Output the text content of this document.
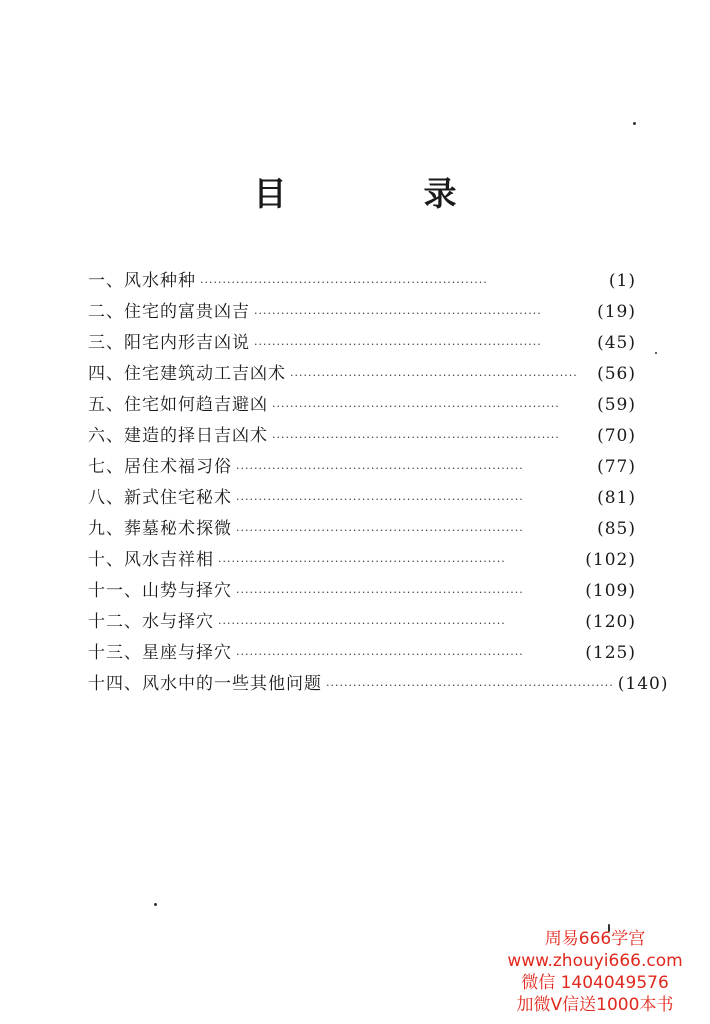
目　录
一、风水种种 ································································	(1)
二、住宅的富贵凶吉 ································································	(19)
三、阳宅内形吉凶说 ································································	(45)
四、住宅建筑动工吉凶术 ································································	(56)
五、住宅如何趋吉避凶 ································································	(59)
六、建造的择日吉凶术 ································································	(70)
七、居住术福习俗 ································································	(77)
八、新式住宅秘术 ································································	(81)
九、葬墓秘术探微 ································································	(85)
十、风水吉祥相 ································································	(102)
十一、山势与择穴 ································································	(109)
十二、水与择穴 ································································	(120)
十三、星座与择穴 ································································	(125)
十四、风水中的一些其他问题 ································································ (140)
周易666学宫
www.zhouyi666.com
微信 1404049576
加微V信送1000本书
